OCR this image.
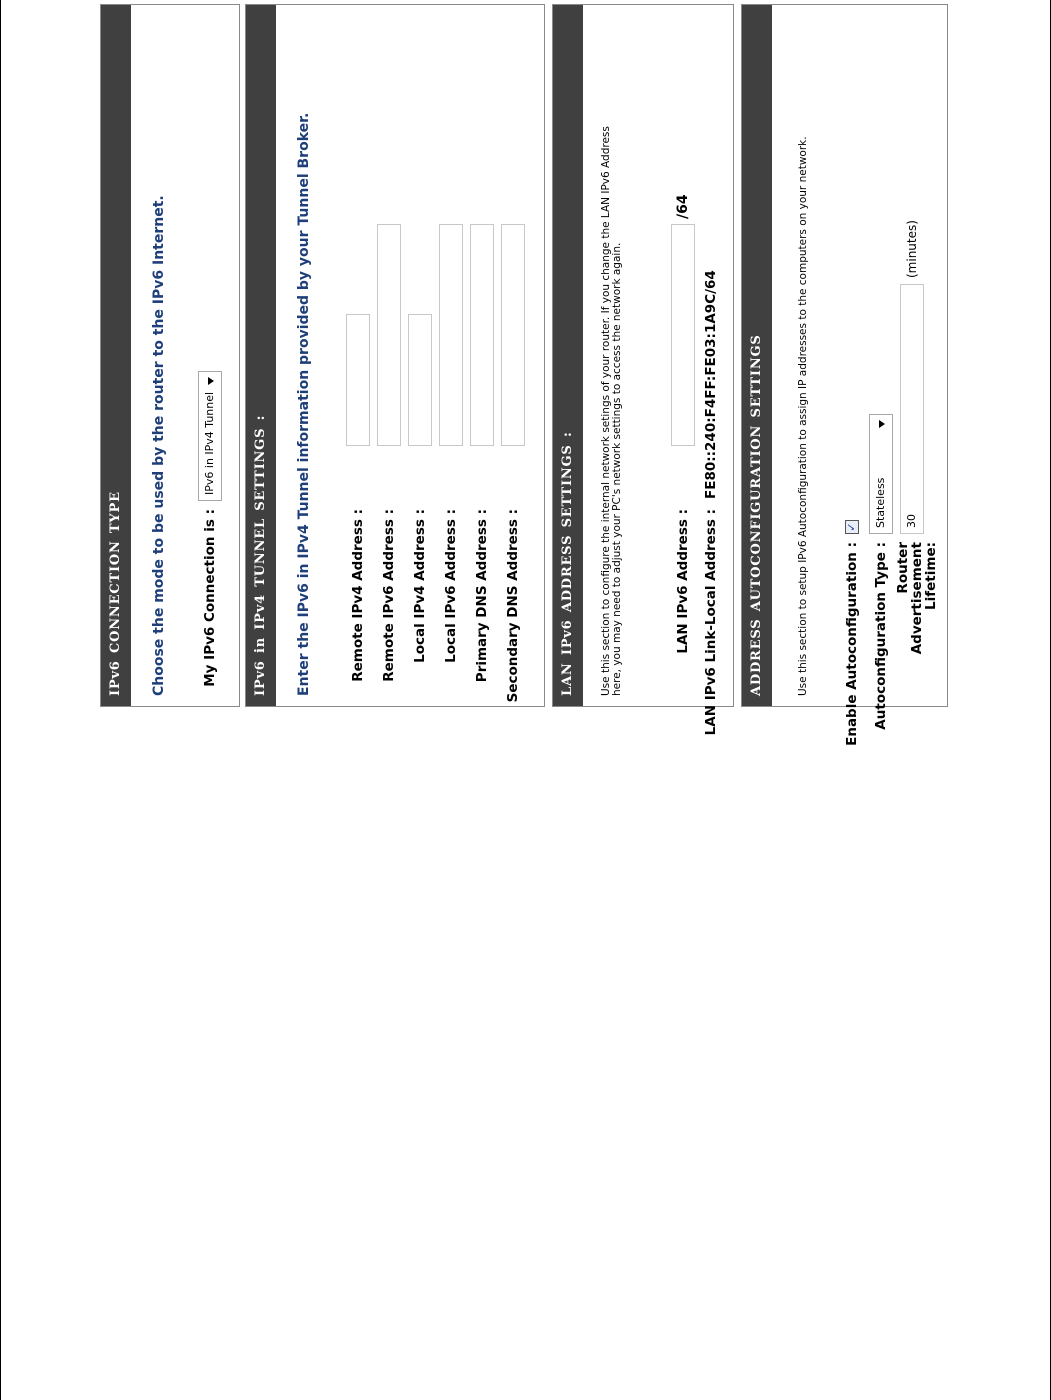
IPv6 CONNECTION TYPE	Choose the mode to be used by the router to the IPv6 Internet.	My IPv6 Connection is :
IPv6 in IPv4 Tunnel	IPv6 in IPv4 TUNNEL SETTINGS :	Enter the IPv6 in IPv4 Tunnel information provided by your Tunnel Broker.	Remote IPv4 Address : Remote IPv6 Address : Local IPv4 Address : Local IPv6 Address : Primary DNS Address : Secondary DNS Address :	LAN IPv6 ADDRESS SETTINGS :	Use this section to configure the internal network setings of your router. If you change the LAN IPv6 Address here, you may need to adjust your PC's network settings to access the network again.	LAN IPv6 Address :
/64
LAN IPv6 Link-Local Address :
FE80::240:F4FF:FE03:1A9C/64	ADDRESS AUTOCONFIGURATION SETTINGS	Use this section to setup IPv6 Autoconfiguration to assign IP addresses to the computers on your network.	Enable Autoconfiguration :
✓
Autoconfiguration Type :
Stateless
Router Advertisement
Lifetime:
30
(minutes)
